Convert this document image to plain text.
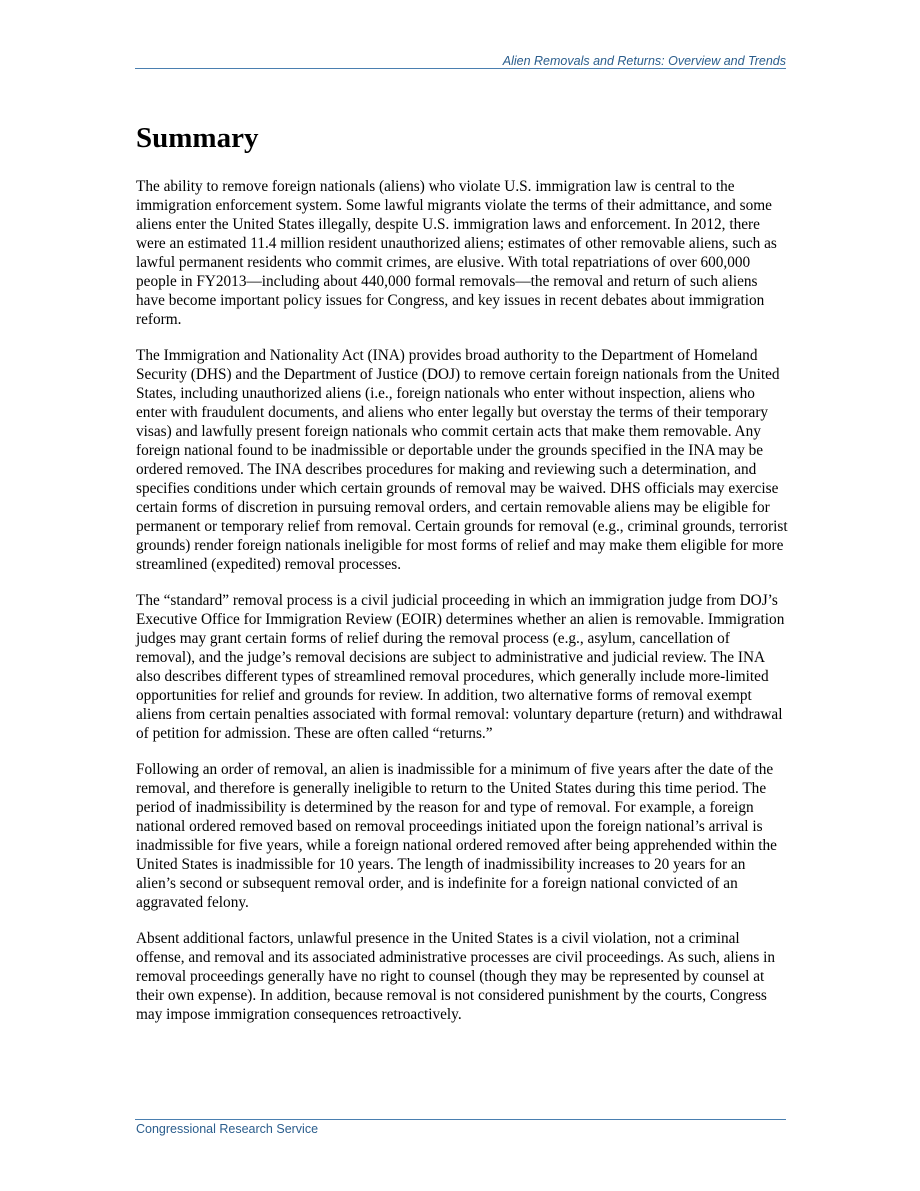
Alien Removals and Returns: Overview and Trends
Summary

The ability to remove foreign nationals (aliens) who violate U.S. immigration law is central to the immigration enforcement system. Some lawful migrants violate the terms of their admittance, and some aliens enter the United States illegally, despite U.S. immigration laws and enforcement. In 2012, there were an estimated 11.4 million resident unauthorized aliens; estimates of other removable aliens, such as lawful permanent residents who commit crimes, are elusive. With total repatriations of over 600,000 people in FY2013—including about 440,000 formal removals—the removal and return of such aliens have become important policy issues for Congress, and key issues in recent debates about immigration reform.

The Immigration and Nationality Act (INA) provides broad authority to the Department of Homeland Security (DHS) and the Department of Justice (DOJ) to remove certain foreign nationals from the United States, including unauthorized aliens (i.e., foreign nationals who enter without inspection, aliens who enter with fraudulent documents, and aliens who enter legally but overstay the terms of their temporary visas) and lawfully present foreign nationals who commit certain acts that make them removable. Any foreign national found to be inadmissible or deportable under the grounds specified in the INA may be ordered removed. The INA describes procedures for making and reviewing such a determination, and specifies conditions under which certain grounds of removal may be waived. DHS officials may exercise certain forms of discretion in pursuing removal orders, and certain removable aliens may be eligible for permanent or temporary relief from removal. Certain grounds for removal (e.g., criminal grounds, terrorist grounds) render foreign nationals ineligible for most forms of relief and may make them eligible for more streamlined (expedited) removal processes.

The “standard” removal process is a civil judicial proceeding in which an immigration judge from DOJ’s Executive Office for Immigration Review (EOIR) determines whether an alien is removable. Immigration judges may grant certain forms of relief during the removal process (e.g., asylum, cancellation of removal), and the judge’s removal decisions are subject to administrative and judicial review. The INA also describes different types of streamlined removal procedures, which generally include more-limited opportunities for relief and grounds for review. In addition, two alternative forms of removal exempt aliens from certain penalties associated with formal removal: voluntary departure (return) and withdrawal of petition for admission. These are often called “returns.”

Following an order of removal, an alien is inadmissible for a minimum of five years after the date of the removal, and therefore is generally ineligible to return to the United States during this time period. The period of inadmissibility is determined by the reason for and type of removal. For example, a foreign national ordered removed based on removal proceedings initiated upon the foreign national’s arrival is inadmissible for five years, while a foreign national ordered removed after being apprehended within the United States is inadmissible for 10 years. The length of inadmissibility increases to 20 years for an alien’s second or subsequent removal order, and is indefinite for a foreign national convicted of an aggravated felony.

Absent additional factors, unlawful presence in the United States is a civil violation, not a criminal offense, and removal and its associated administrative processes are civil proceedings. As such, aliens in removal proceedings generally have no right to counsel (though they may be represented by counsel at their own expense). In addition, because removal is not considered punishment by the courts, Congress may impose immigration consequences retroactively.

Congressional Research Service
